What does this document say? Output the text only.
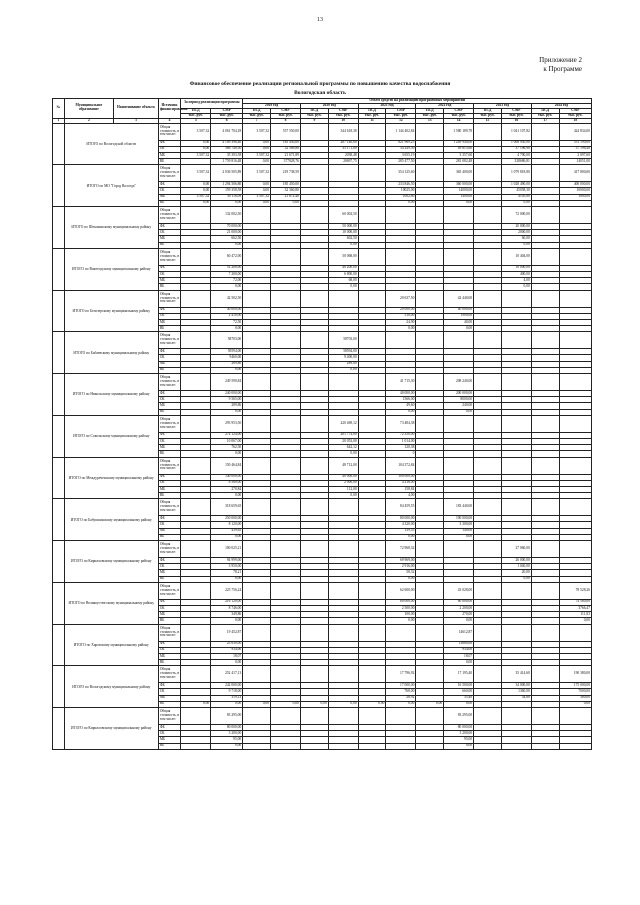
13
Приложение 2
к Программе
Финансовое обеспечение реализации региональной программы по повышению качества водоснабжения
Вологодская область
№	Муниципальное образование	Наименование объекта	Источник финансирования	За период реализации программы		Объем средств на реализацию программных мероприятий											
						2019 год		2020 год		2021 год		2022 год		2023 год		2024 год	
				ПСД	СМР	ПСД	СМР	ПСД	СМР	ПСД	СМР	ПСД	СМР	ПСД	СМР	ПСД	СМР
				тыс. руб.	тыс. руб.	тыс. руб.	тыс. руб.	тыс. руб.	тыс. руб.	тыс. руб.	тыс. руб.	тыс. руб.	тыс. руб.	тыс. руб.	тыс. руб.	тыс. руб.	тыс. руб.
1	2	3	4	5	6	7	8	9	10	11	12	13	14	15	16	17	18
	ИТОГО по Вологодской области		Общая стоимость, в том числе:	3 507,32	4 061 704,18	3 507,32	557 550,00		344 618,38		1 144 402,84		1 580 189,78		1 041 107,82		424 834,00
			ФБ	0,00	4 109 396,40	0,00	185 450,00		287 140,00		821 969,25		1 249 940,00		1 068 950,00		531 190,00
			ОБ	0,00	366 740,50	0,00	32 589,80		33 171,00		34 249,50		49 615,60		37 196,90		37 196,40
			МБ	3 507,32	35 393,58	3 507,32	21 671,89		2038,48		3 655,19		3 357,60		4 700,00		2 097,60
			ВБ		1 759 816,48	0,00	377828,76		20697,75		285 477,50		281 082,48		328686,81		14051,00
	ИТОГО по МО "Город Вологда"		Общая стоимость, в том числе:	3 507,32	2 036 505,89	3 507,32	219 738,59				354 125,60		365 400,00		1 079 818,80		417 800,00
			ФБ	0,00	1 294 506,80	0,00	185 450,00				233 846,50		360 000,00		1 028 490,00		400 000,00
			ОБ	0,00	159 358,58	0,00	32 360,80				10025,00		14000,00		45058,30		10000,00
			МБ	3 507,32	30 116,09	3 507,32	21 672,40				1002,60		1400,00		4105,80		1800,00
			ВБ	0,00	0,00	0,00	0,00				0,00		0,00		0,00		
	ИТОГО по Шекснинскому муниципальному району		Общая стоимость, в том числе:		132 002,50				60 002,50						72 000,00		
			ФБ		70 000,00				50 000,00						20 000,00		
			ОБ		21 000,00				10 000,00						2000,00		
			МБ		662,50				602,50						60,00		
			ВБ		0,00				0,00						0,00		
	ИТОГО по Вожегодскому муниципальному району		Общая стоимость, в том числе:		60 472,00				50 068,00						10 404,00		
			ФБ		51 200,00				40 200,00						10 000,00		
			ОБ		7 200,00				6 800,00						400,00		
			МБ		72,00				68,00						4,00		
			ВБ		0,00				0,00						0,00		
	ИТОГО по Белозерскому муниципальному району		Общая стоимость, в том числе:		42 502,50						20 637,50		42 440,00				
			ФБ		40 000,00						20 000,00		40 000,00				
			ОБ		2 410,00						510,00		1900,00				
			МБ		72,50						24,90		40,00				
			ВБ		0,00						0,00		0,00				
	ИТОГО по Бабаевскому муниципальному району		Общая стоимость, в том числе:		58703,00				58703,00								
			ФБ		59594,00				58594,00								
			ОБ		9460,00				9 400,00								
			МБ		289,80				289,80								
			ВБ		0,00				0,00								
	ИТОГО по Никольскому муниципальному району		Общая стоимость, в том числе:		249 590,84						41 715,30		208 240,00				
			ФБ		240 000,00						40 000,00		200 000,00				
			ОБ		9 565,00						1566,00		8000,00				
			МБ		289,86						49,60		240,00				
			ВБ		0,00						0,00		0,00				
	ИТОГО по Сокольскому муниципальному району		Общая стоимость, в том числе:		293 953,50				220 469,12		73 484,38						
			ФБ		274 124,00				201 774,00		72 350,00						
			ОБ		10 067,00				20 053,00		1 014,00						
			МБ		762,50				642,12		120,38						
			ВБ		0,00				0,00		0						
	ИТОГО по Междуреченскому муниципальному району		Общая стоимость, в том числе:		150 464,84				48 712,00		104 372,84						
			ФБ		140 000,00				40 000,00		100 000,00						
			ОБ		8 560,00				2 000,00		4 216,00						
			МБ		270,84				112,00		158,84						
			ВБ		0,00				0,00		4,00						
	ИТОГО по Бабушкинскому муниципальному району		Общая стоимость, в том числе:		318 659,65						84 459,55		183 440,00				
			ФБ		250 000,00						80 000,00		190 000,00				
			ОБ		8 120,00						4 320,00		3 300,00				
			МБ		439,65						139,55		140,00				
			ВБ		0,00						0,00		0,00				
	ИТОГО по Кирилловскому муниципальному району		Общая стоимость, в том числе:		100 025,21						72 968,32				27 060,00		
			ФБ		94 999,00						69 969,00				26 000,00		
			ОБ		3 950,00						2 916,00				1 040,00		
			МБ		78,21						58,32				20,00		
			ВБ		0,00						0,00				0,00		
	ИТОГО по Великоустюгскому муниципальному району		Общая стоимость, в том числе:		225 756,24						62 600,00		43 028,00				78 528,26
			ФБ		216 120,00						60 000,00		60 000,00				74 560,00
			ОБ		8 746,00						2 500,00		2 200,00				3766,47
			МБ		349,86						100,00		270,00				111,83
			ВБ		0,00						0,00		0,00				0,00
	ИТОГО по Харовскому муниципальному району		Общая стоимость, в том числе:		19 452,87								14612,87				
			ФБ		23 630,00								13660,00				
			ОБ		934,00								934,00				
			МБ		18,07								18,07				
			ВБ		0,00								0,00				
	ИТОГО по Вологодскому муниципальному району		Общая стоимость, в том числе:		252 417,13						17 796,92		17 195,40		35 414,60		190 380,00
			ФБ		242 000,00						17 000,00		16 500,00		34 000,00		175 000,00
			ОБ		9 718,00						768,00		660,00		1360,00		7000,00
			МБ		319,13						28,92		35,40		54,60		380,00
			ВБ	0,00	0,00	0,00	0,00	0,00	0,00	0,00	0,00	0,00	0,00				0,00
	ИТОГО по Кирилловскому муниципальному району		Общая стоимость, в том числе:		83 295,00								83 295,00				
			ФБ		80 000,00								80 000,00				
			ОБ		3 200,00								3 200,00				
			МБ		95,00								95,00				
			ВБ		0,00								0,00				
